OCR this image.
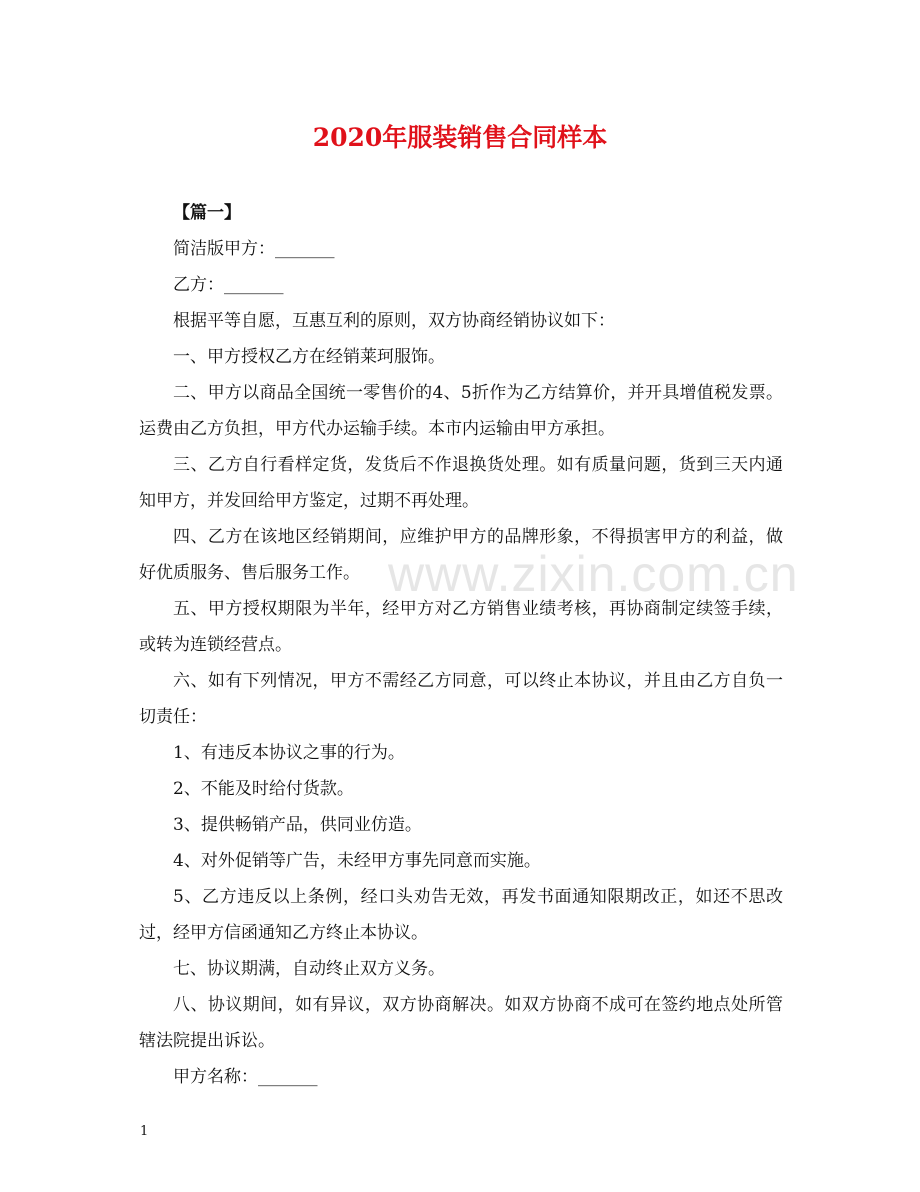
2020年服装销售合同样本
www.zixin.com.cn

【篇一】

简洁版甲方：_______

乙方：_______

根据平等自愿，互惠互利的原则，双方协商经销协议如下：

一、甲方授权乙方在经销莱珂服饰。

二、甲方以商品全国统一零售价的4、5折作为乙方结算价，并开具增值税发票。运费由乙方负担，甲方代办运输手续。本市内运输由甲方承担。

三、乙方自行看样定货，发货后不作退换货处理。如有质量问题，货到三天内通知甲方，并发回给甲方鉴定，过期不再处理。

四、乙方在该地区经销期间，应维护甲方的品牌形象，不得损害甲方的利益，做好优质服务、售后服务工作。

五、甲方授权期限为半年，经甲方对乙方销售业绩考核，再协商制定续签手续，或转为连锁经营点。

六、如有下列情况，甲方不需经乙方同意，可以终止本协议，并且由乙方自负一切责任：

1、有违反本协议之事的行为。

2、不能及时给付货款。

3、提供畅销产品，供同业仿造。

4、对外促销等广告，未经甲方事先同意而实施。

5、乙方违反以上条例，经口头劝告无效，再发书面通知限期改正，如还不思改过，经甲方信函通知乙方终止本协议。

七、协议期满，自动终止双方义务。

八、协议期间，如有异议，双方协商解决。如双方协商不成可在签约地点处所管辖法院提出诉讼。

甲方名称：_______

1
